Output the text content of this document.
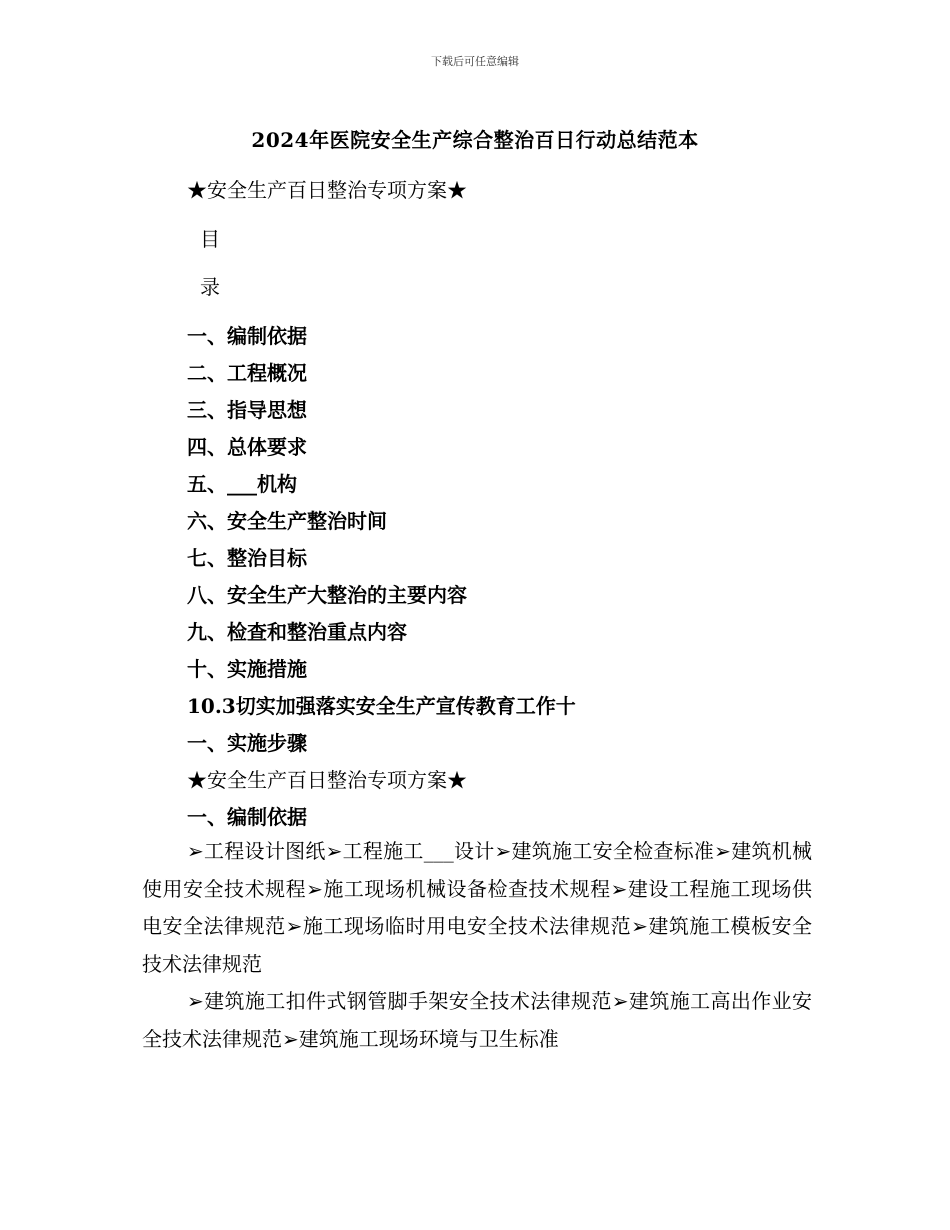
下载后可任意编辑
2024年医院安全生产综合整治百日行动总结范本
★安全生产百日整治专项方案★
目
录
一、编制依据
二、工程概况
三、指导思想
四、总体要求
五、___机构
六、安全生产整治时间
七、整治目标
八、安全生产大整治的主要内容
九、检查和整治重点内容
十、实施措施
10.3切实加强落实安全生产宣传教育工作十
一、实施步骤
★安全生产百日整治专项方案★
一、编制依据
➢工程设计图纸➢工程施工___设计➢建筑施工安全检查标准➢建筑机械使用安全技术规程➢施工现场机械设备检查技术规程➢建设工程施工现场供电安全法律规范➢施工现场临时用电安全技术法律规范➢建筑施工模板安全技术法律规范
➢建筑施工扣件式钢管脚手架安全技术法律规范➢建筑施工高出作业安全技术法律规范➢建筑施工现场环境与卫生标准
